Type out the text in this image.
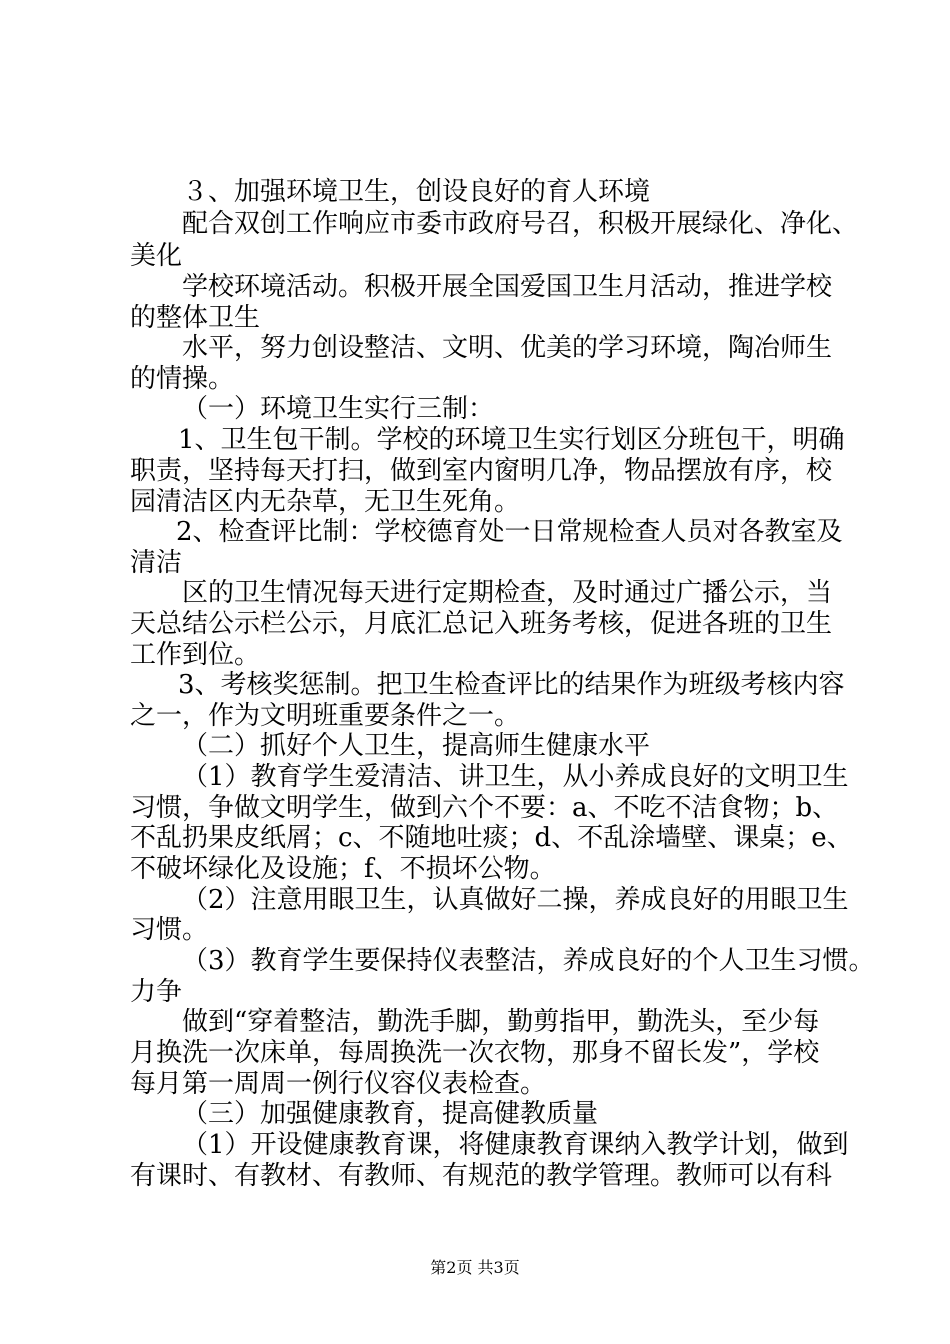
３、加强环境卫生，创设良好的育人环境
配合双创工作响应市委市政府号召，积极开展绿化、净化、
美化
学校环境活动。积极开展全国爱国卫生月活动，推进学校
的整体卫生
水平，努力创设整洁、文明、优美的学习环境，陶冶师生
的情操。
（一）环境卫生实行三制：
1、卫生包干制。学校的环境卫生实行划区分班包干，明确
职责，坚持每天打扫，做到室内窗明几净，物品摆放有序，校
园清洁区内无杂草，无卫生死角。
2、检查评比制：学校德育处一日常规检查人员对各教室及
清洁
区的卫生情况每天进行定期检查，及时通过广播公示，当
天总结公示栏公示，月底汇总记入班务考核，促进各班的卫生
工作到位。
3、考核奖惩制。把卫生检查评比的结果作为班级考核内容
之一，作为文明班重要条件之一。
（二）抓好个人卫生，提高师生健康水平
（1）教育学生爱清洁、讲卫生，从小养成良好的文明卫生
习惯，争做文明学生，做到六个不要：a、不吃不洁食物；b、
不乱扔果皮纸屑；c、不随地吐痰；d、不乱涂墙壁、课桌；e、
不破坏绿化及设施；f、不损坏公物。
（2）注意用眼卫生，认真做好二操，养成良好的用眼卫生
习惯。
（3）教育学生要保持仪表整洁，养成良好的个人卫生习惯。
力争
做到“穿着整洁，勤洗手脚，勤剪指甲，勤洗头，至少每
月换洗一次床单，每周换洗一次衣物，那身不留长发”，学校
每月第一周周一例行仪容仪表检查。
（三）加强健康教育，提高健教质量
（1）开设健康教育课，将健康教育课纳入教学计划，做到
有课时、有教材、有教师、有规范的教学管理。教师可以有科
第2页 共3页
